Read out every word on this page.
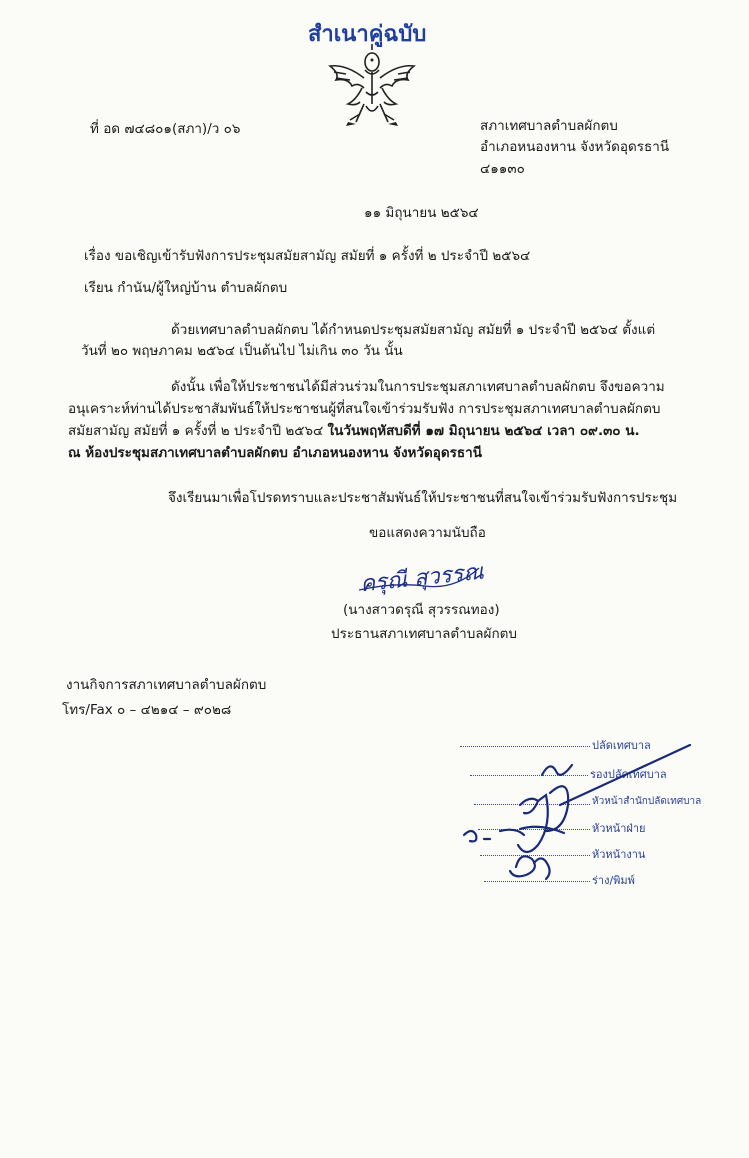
สำเนาคู่ฉบับ
ที่ อด ๗๔๘๐๑(สภา)/ว ๐๖	สภาเทศบาลตำบลผักตบ
อำเภอหนองหาน จังหวัดอุดรธานี
๔๑๑๓๐
๑๑ มิถุนายน ๒๕๖๔
เรื่อง ขอเชิญเข้ารับฟังการประชุมสมัยสามัญ สมัยที่ ๑ ครั้งที่ ๒ ประจำปี ๒๕๖๔
เรียน กำนัน/ผู้ใหญ่บ้าน ตำบลผักตบ
ด้วยเทศบาลตำบลผักตบ ได้กำหนดประชุมสมัยสามัญ สมัยที่ ๑ ประจำปี ๒๕๖๔ ตั้งแต่
วันที่ ๒๐ พฤษภาคม ๒๕๖๔ เป็นต้นไป ไม่เกิน ๓๐ วัน นั้น
ดังนั้น เพื่อให้ประชาชนได้มีส่วนร่วมในการประชุมสภาเทศบาลตำบลผักตบ จึงขอความ
อนุเคราะห์ท่านได้ประชาสัมพันธ์ให้ประชาชนผู้ที่สนใจเข้าร่วมรับฟัง การประชุมสภาเทศบาลตำบลผักตบ
สมัยสามัญ สมัยที่ ๑ ครั้งที่ ๒ ประจำปี ๒๕๖๔ ในวันพฤหัสบดีที่ ๑๗ มิถุนายน ๒๕๖๔ เวลา ๐๙.๓๐ น.
ณ ห้องประชุมสภาเทศบาลตำบลผักตบ อำเภอหนองหาน จังหวัดอุดรธานี
จึงเรียนมาเพื่อโปรดทราบและประชาสัมพันธ์ให้ประชาชนที่สนใจเข้าร่วมรับฟังการประชุม
ขอแสดงความนับถือ
ครุณี สุวรรณ
(นางสาวดรุณี สุวรรณทอง)
ประธานสภาเทศบาลตำบลผักตบ
งานกิจการสภาเทศบาลตำบลผักตบ
โทร/Fax ๐ – ๔๒๑๔ – ๙๐๒๘
ปลัดเทศบาล
รองปลัดเทศบาล
หัวหน้าสำนักปลัดเทศบาล
หัวหน้าฝ่าย
หัวหน้างาน
ร่าง/พิมพ์
